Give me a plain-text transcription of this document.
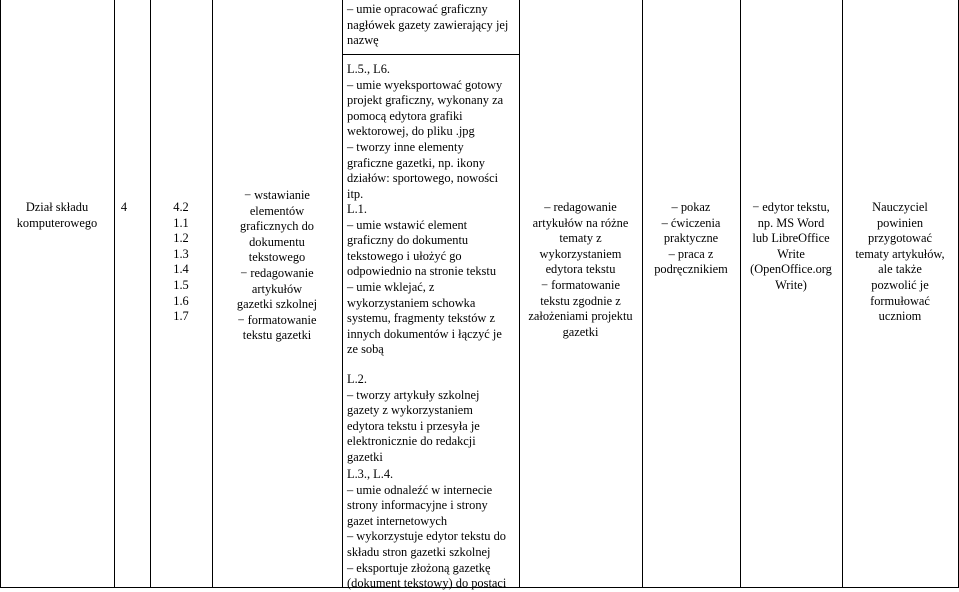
Dział składu
komputerowego
4	4.2
1.1
1.2
1.3
1.4
1.5
1.6
1.7
− wstawianie
elementów
graficznych do
dokumentu
tekstowego
− redagowanie
artykułów
gazetki szkolnej
− formatowanie
tekstu gazetki
– umie opracować graficzny
nagłówek gazety zawierający jej
nazwę
L.5., L6.
– umie wyeksportować gotowy
projekt graficzny, wykonany za
pomocą edytora grafiki
wektorowej, do pliku .jpg
– tworzy inne elementy
graficzne gazetki, np. ikony
działów: sportowego, nowości
itp.
L.1.
– umie wstawić element
graficzny do dokumentu
tekstowego i ułożyć go
odpowiednio na stronie tekstu
– umie wklejać, z
wykorzystaniem schowka
systemu, fragmenty tekstów z
innych dokumentów i łączyć je
ze sobą
L.2.
– tworzy artykuły szkolnej
gazety z wykorzystaniem
edytora tekstu i przesyła je
elektronicznie do redakcji
gazetki
L.3., L.4.
– umie odnaleźć w internecie
strony informacyjne i strony
gazet internetowych
– wykorzystuje edytor tekstu do
składu stron gazetki szkolnej
– eksportuje złożoną gazetkę
(dokument tekstowy) do postaci
– redagowanie
artykułów na różne
tematy z
wykorzystaniem
edytora tekstu
− formatowanie
tekstu zgodnie z
założeniami projektu
gazetki
– pokaz
– ćwiczenia
praktyczne
– praca z
podręcznikiem
− edytor tekstu,
np. MS Word
lub LibreOffice
Write
(OpenOffice.org
Write)
Nauczyciel
powinien
przygotować
tematy artykułów,
ale także
pozwolić je
formułować
uczniom
